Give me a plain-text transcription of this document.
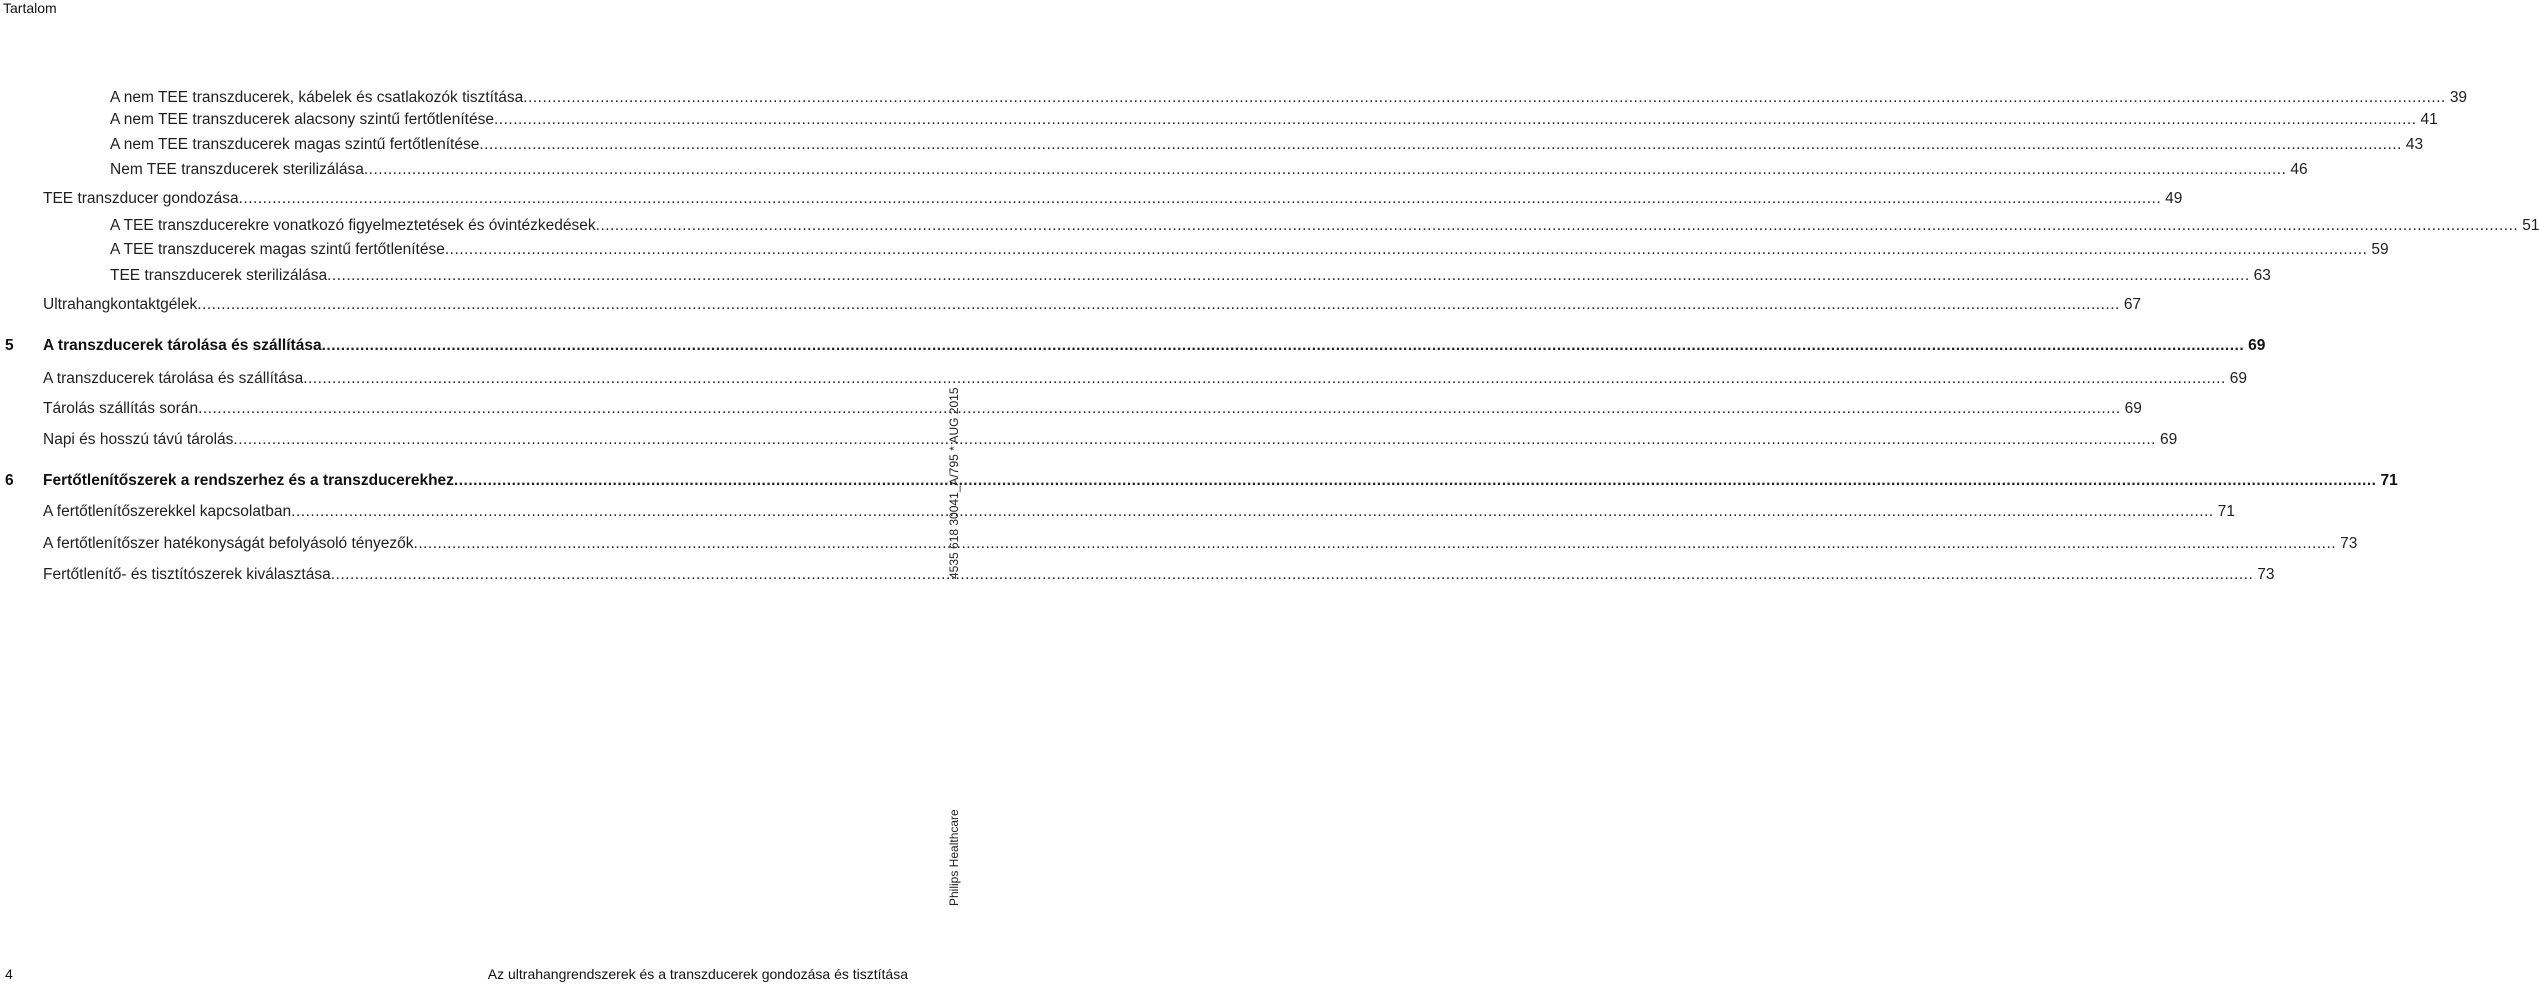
Tartalom
A nem TEE transzducerek, kábelek és csatlakozók tisztítása ................................................................................................................................................................................................................................................................................................................................................................................................................ 39
A nem TEE transzducerek alacsony szintű fertőtlenítése ................................................................................................................................................................................................................................................................................................................................................................................................................ 41
A nem TEE transzducerek magas szintű fertőtlenítése ................................................................................................................................................................................................................................................................................................................................................................................................................ 43
Nem TEE transzducerek sterilizálása ................................................................................................................................................................................................................................................................................................................................................................................................................ 46
TEE transzducer gondozása ................................................................................................................................................................................................................................................................................................................................................................................................................ 49
A TEE transzducerekre vonatkozó figyelmeztetések és óvintézkedések ................................................................................................................................................................................................................................................................................................................................................................................................................ 51
A TEE transzducerek magas szintű fertőtlenítése ................................................................................................................................................................................................................................................................................................................................................................................................................ 59
TEE transzducerek sterilizálása ................................................................................................................................................................................................................................................................................................................................................................................................................ 63
Ultrahangkontaktgélek ................................................................................................................................................................................................................................................................................................................................................................................................................ 67
A transzducerek tárolása és szállítása ................................................................................................................................................................................................................................................................................................................................................................................................................ 69
5
A transzducerek tárolása és szállítása ................................................................................................................................................................................................................................................................................................................................................................................................................ 69
Tárolás szállítás során ................................................................................................................................................................................................................................................................................................................................................................................................................ 69
Napi és hosszú távú tárolás ................................................................................................................................................................................................................................................................................................................................................................................................................ 69
Fertőtlenítőszerek a rendszerhez és a transzducerekhez ................................................................................................................................................................................................................................................................................................................................................................................................................ 71
6
A fertőtlenítőszerekkel kapcsolatban ................................................................................................................................................................................................................................................................................................................................................................................................................ 71
A fertőtlenítőszer hatékonyságát befolyásoló tényezők ................................................................................................................................................................................................................................................................................................................................................................................................................ 73
Fertőtlenítő- és tisztítószerek kiválasztása ................................................................................................................................................................................................................................................................................................................................................................................................................ 73
4535 618 30041_A/795 * AUG 2015
Philips Healthcare
4	Az ultrahangrendszerek és a transzducerek gondozása és tisztítása
